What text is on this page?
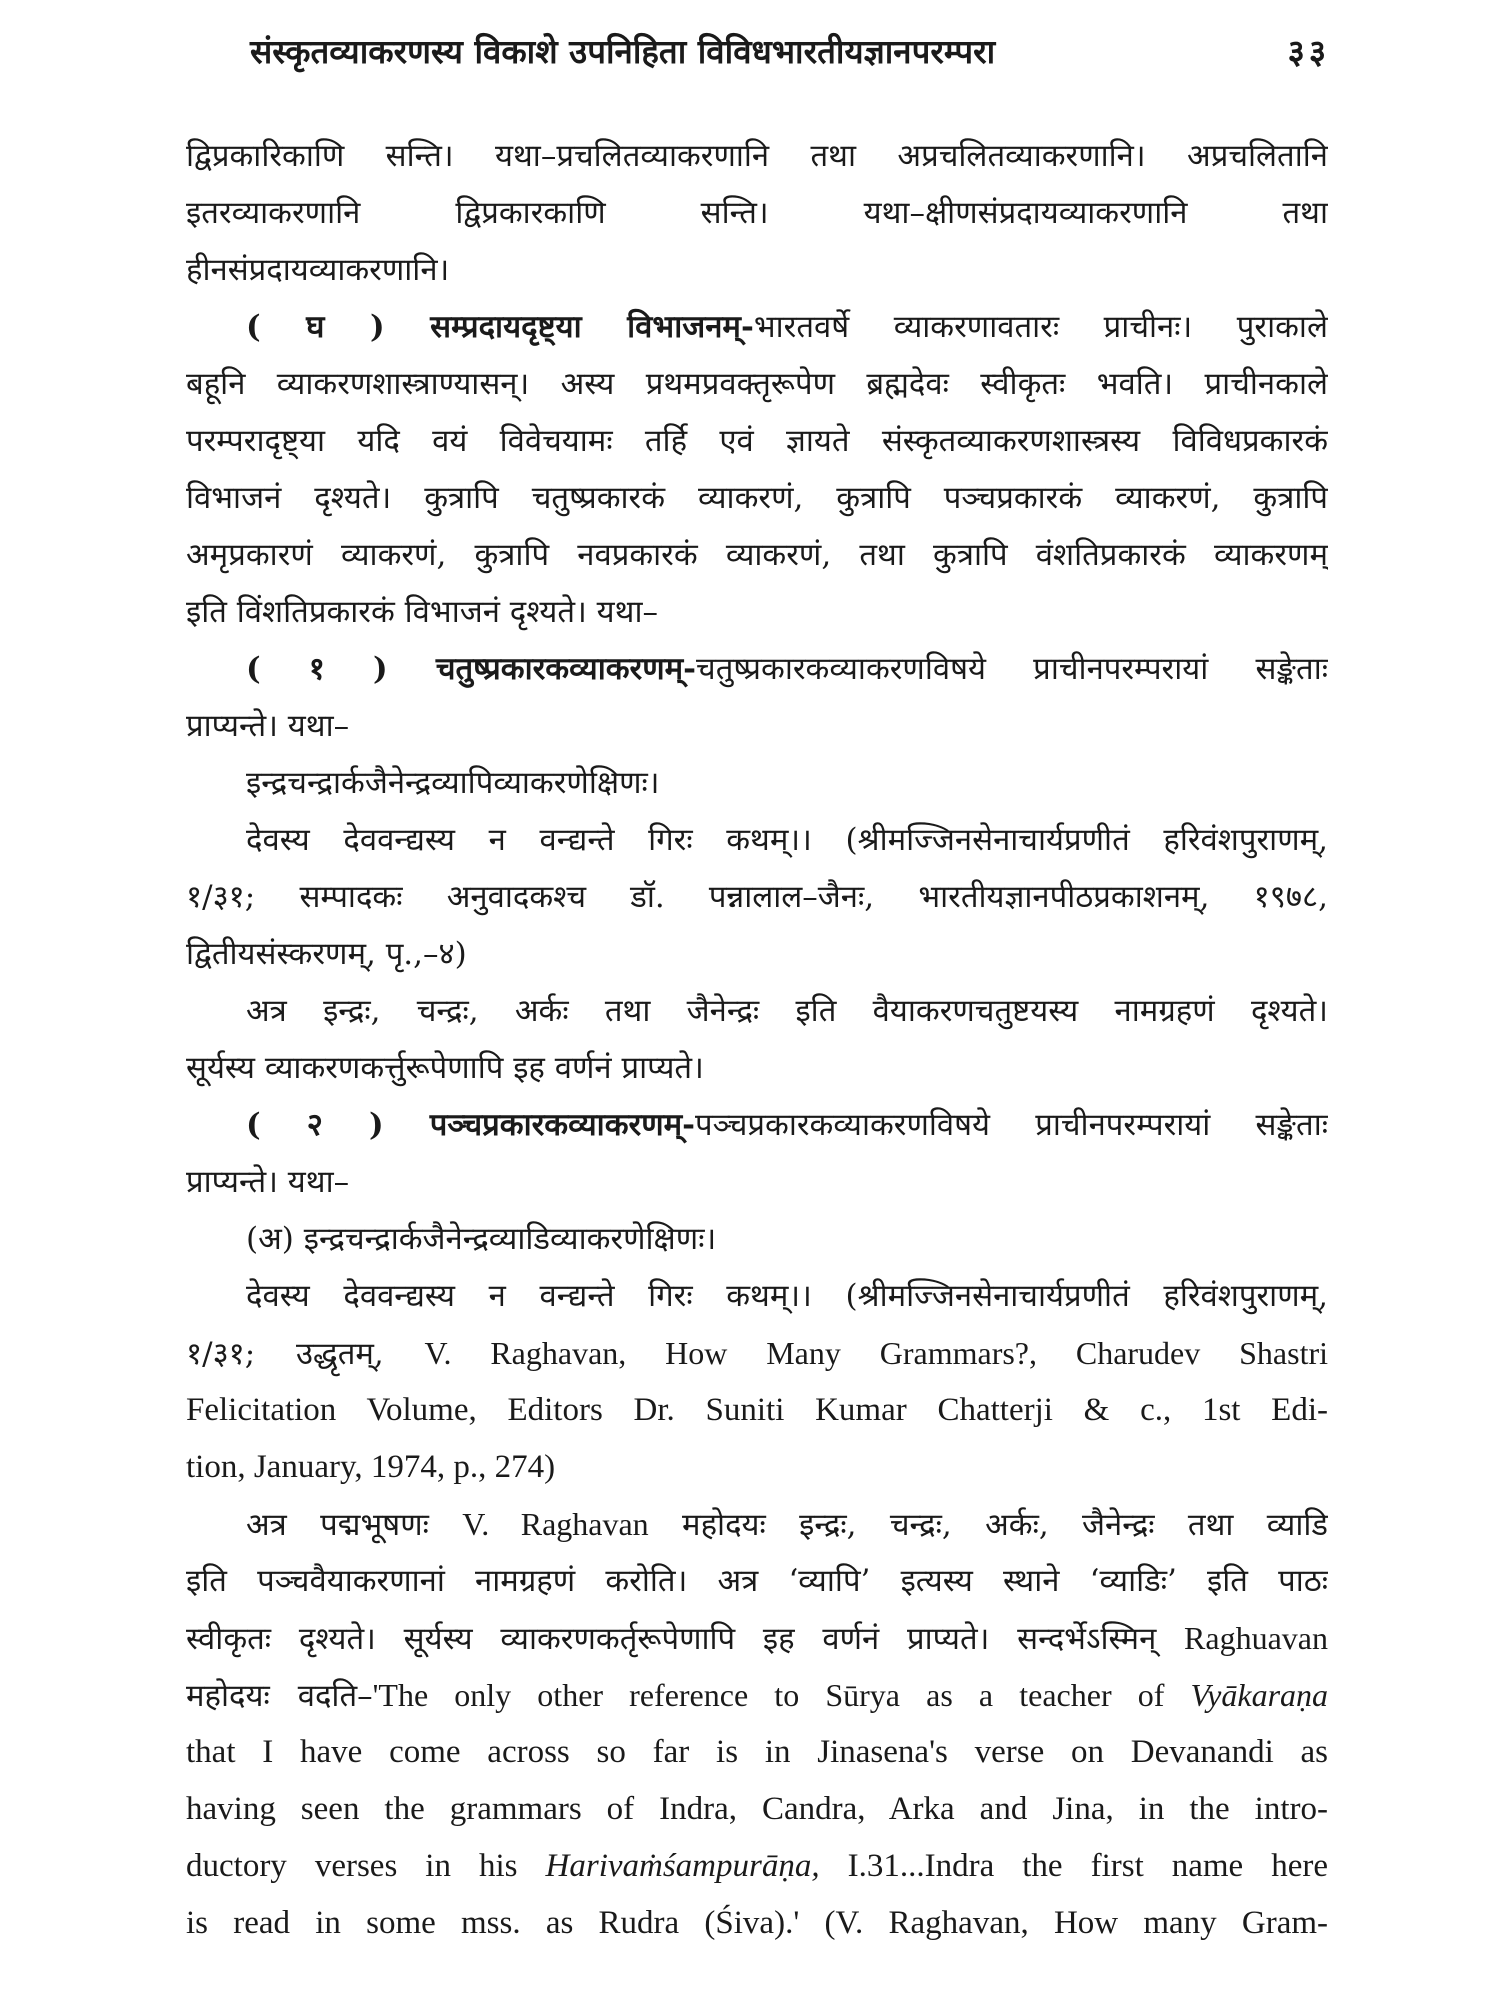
संस्कृतव्याकरणस्य विकाशे उपनिहिता विविधभारतीयज्ञानपरम्परा	३३
द्विप्रकारिकाणि सन्ति। यथा–प्रचलितव्याकरणानि तथा अप्रचलितव्याकरणानि। अप्रचलितानि
इतरव्याकरणानि द्विप्रकारकाणि सन्ति। यथा–क्षीणसंप्रदायव्याकरणानि तथा
हीनसंप्रदायव्याकरणानि।
( घ ) सम्प्रदायदृष्ट्या विभाजनम्-भारतवर्षे व्याकरणावतारः प्राचीनः। पुराकाले
बहूनि व्याकरणशास्त्राण्यासन्। अस्य प्रथमप्रवक्तृरूपेण ब्रह्मदेवः स्वीकृतः भवति। प्राचीनकाले
परम्परादृष्ट्या यदि वयं विवेचयामः तर्हि एवं ज्ञायते संस्कृतव्याकरणशास्त्रस्य विविधप्रकारकं
विभाजनं दृश्यते। कुत्रापि चतुष्प्रकारकं व्याकरणं, कुत्रापि पञ्चप्रकारकं व्याकरणं, कुत्रापि
अमृप्रकारणं व्याकरणं, कुत्रापि नवप्रकारकं व्याकरणं, तथा कुत्रापि वंशतिप्रकारकं व्याकरणम्
इति विंशतिप्रकारकं विभाजनं दृश्यते। यथा–
( १ ) चतुष्प्रकारकव्याकरणम्-चतुष्प्रकारकव्याकरणविषये प्राचीनपरम्परायां सङ्केताः
प्राप्यन्ते। यथा–
इन्द्रचन्द्रार्कजैनेन्द्रव्यापिव्याकरणेक्षिणः।
देवस्य देववन्द्यस्य न वन्द्यन्ते गिरः कथम्।। (श्रीमज्जिनसेनाचार्यप्रणीतं हरिवंशपुराणम्,
१/३१; सम्पादकः अनुवादकश्च डॉ. पन्नालाल–जैनः, भारतीयज्ञानपीठप्रकाशनम्, १९७८,
द्वितीयसंस्करणम्, पृ.,–४)
अत्र इन्द्रः, चन्द्रः, अर्कः तथा जैनेन्द्रः इति वैयाकरणचतुष्टयस्य नामग्रहणं दृश्यते।
सूर्यस्य व्याकरणकर्त्तुरूपेणापि इह वर्णनं प्राप्यते।
( २ ) पञ्चप्रकारकव्याकरणम्-पञ्चप्रकारकव्याकरणविषये प्राचीनपरम्परायां सङ्केताः
प्राप्यन्ते। यथा–
(अ) इन्द्रचन्द्रार्कजैनेन्द्रव्याडिव्याकरणेक्षिणः।
देवस्य देववन्द्यस्य न वन्द्यन्ते गिरः कथम्।। (श्रीमज्जिनसेनाचार्यप्रणीतं हरिवंशपुराणम्,
१/३१; उद्धृतम्, V. Raghavan, How Many Grammars?, Charudev Shastri
Felicitation Volume, Editors Dr. Suniti Kumar Chatterji & c., 1st Edi-
tion, January, 1974, p., 274)
अत्र पद्मभूषणः V. Raghavan महोदयः इन्द्रः, चन्द्रः, अर्कः, जैनेन्द्रः तथा व्याडि
इति पञ्चवैयाकरणानां नामग्रहणं करोति। अत्र ‘व्यापि’ इत्यस्य स्थाने ‘व्याडिः’ इति पाठः
स्वीकृतः दृश्यते। सूर्यस्य व्याकरणकर्तृरूपेणापि इह वर्णनं प्राप्यते। सन्दर्भेऽस्मिन् Raghuavan
महोदयः वदति–'The only other reference to Sūrya as a teacher of Vyākaraṇa
that I have come across so far is in Jinasena's verse on Devanandi as
having seen the grammars of Indra, Candra, Arka and Jina, in the intro-
ductory verses in his Harivaṁśampurāṇa, I.31...Indra the first name here
is read in some mss. as Rudra (Śiva).' (V. Raghavan, How many Gram-
